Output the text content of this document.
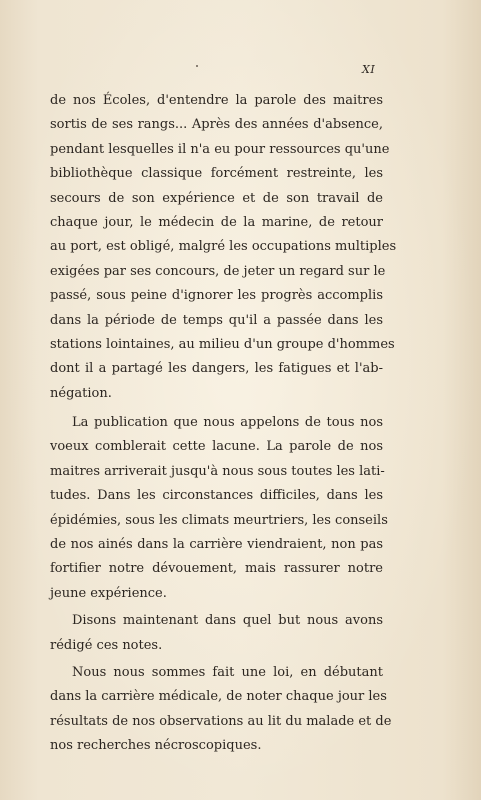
XI
de nos Écoles, d'entendre la parole des maitres
sortis de ses rangs... Après des années d'absence,
pendant lesquelles il n'a eu pour ressources qu'une
bibliothèque classique forcément restreinte, les
secours de son expérience et de son travail de
chaque jour, le médecin de la marine, de retour
au port, est obligé, malgré les occupations multiples
exigées par ses concours, de jeter un regard sur le
passé, sous peine d'ignorer les progrès accomplis
dans la période de temps qu'il a passée dans les
stations lointaines, au milieu d'un groupe d'hommes
dont il a partagé les dangers, les fatigues et l'ab-
négation.
La publication que nous appelons de tous nos
voeux comblerait cette lacune. La parole de nos
maitres arriverait jusqu'à nous sous toutes les lati-
tudes. Dans les circonstances difficiles, dans les
épidémies, sous les climats meurtriers, les conseils
de nos ainés dans la carrière viendraient, non pas
fortifier notre dévouement, mais rassurer notre
jeune expérience.
Disons maintenant dans quel but nous avons
rédigé ces notes.
Nous nous sommes fait une loi, en débutant
dans la carrière médicale, de noter chaque jour les
résultats de nos observations au lit du malade et de
nos recherches nécroscopiques.
